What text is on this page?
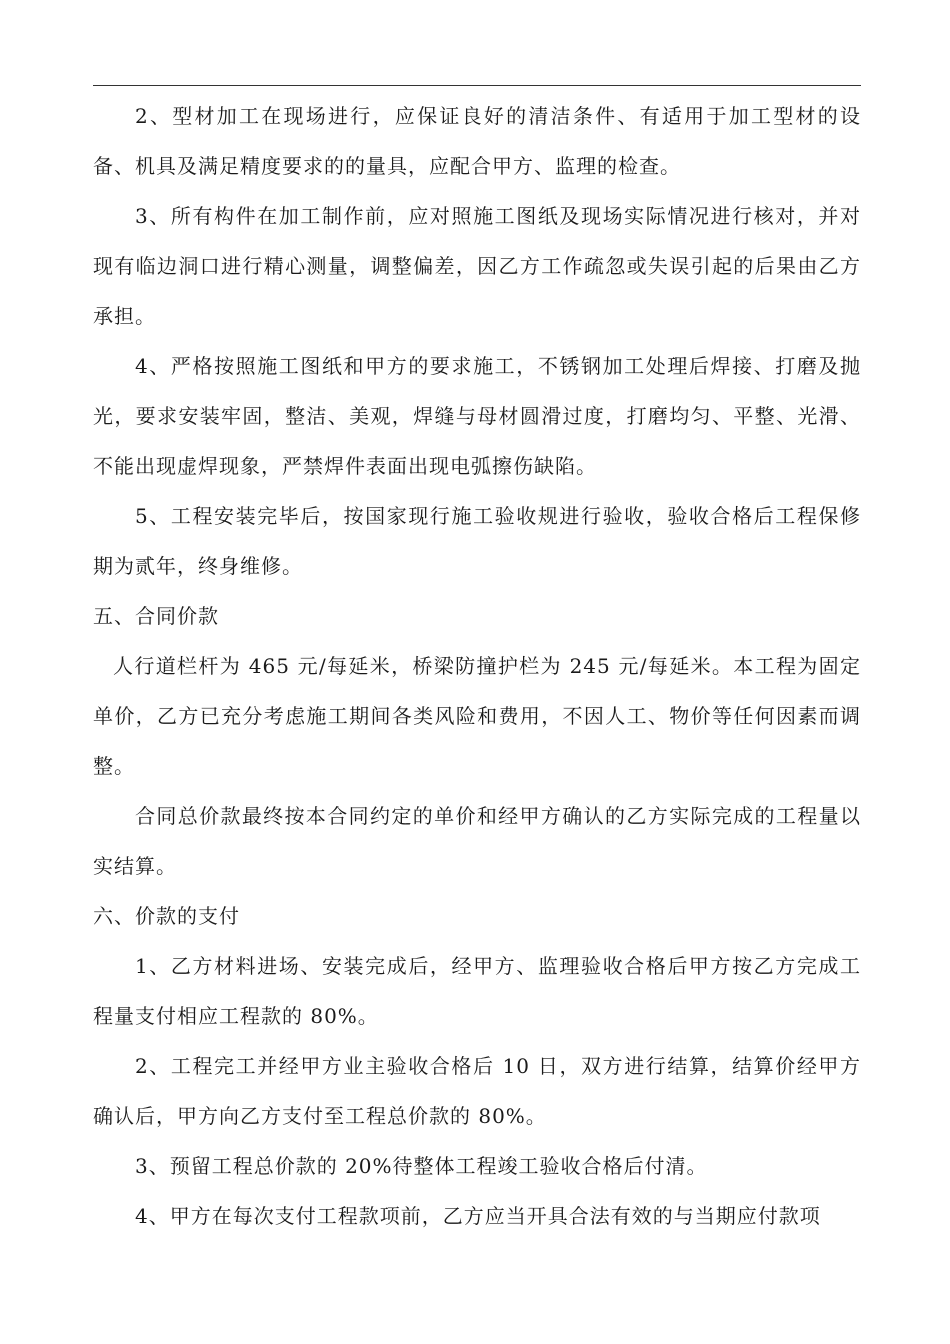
2、型材加工在现场进行，应保证良好的清洁条件、有适用于加工型材的设备、机具及满足精度要求的的量具，应配合甲方、监理的检查。

3、所有构件在加工制作前，应对照施工图纸及现场实际情况进行核对，并对现有临边洞口进行精心测量，调整偏差，因乙方工作疏忽或失误引起的后果由乙方承担。

4、严格按照施工图纸和甲方的要求施工，不锈钢加工处理后焊接、打磨及抛光，要求安装牢固，整洁、美观，焊缝与母材圆滑过度，打磨均匀、平整、光滑、不能出现虚焊现象，严禁焊件表面出现电弧擦伤缺陷。

5、工程安装完毕后，按国家现行施工验收规进行验收，验收合格后工程保修期为贰年，终身维修。

五、合同价款

人行道栏杆为 465 元/每延米，桥梁防撞护栏为 245 元/每延米。本工程为固定单价，乙方已充分考虑施工期间各类风险和费用，不因人工、物价等任何因素而调整。

合同总价款最终按本合同约定的单价和经甲方确认的乙方实际完成的工程量以实结算。

六、价款的支付

1、乙方材料进场、安装完成后，经甲方、监理验收合格后甲方按乙方完成工程量支付相应工程款的 80%。

2、工程完工并经甲方业主验收合格后 10 日，双方进行结算，结算价经甲方确认后，甲方向乙方支付至工程总价款的 80%。

3、预留工程总价款的 20%待整体工程竣工验收合格后付清。

4、甲方在每次支付工程款项前，乙方应当开具合法有效的与当期应付款项
